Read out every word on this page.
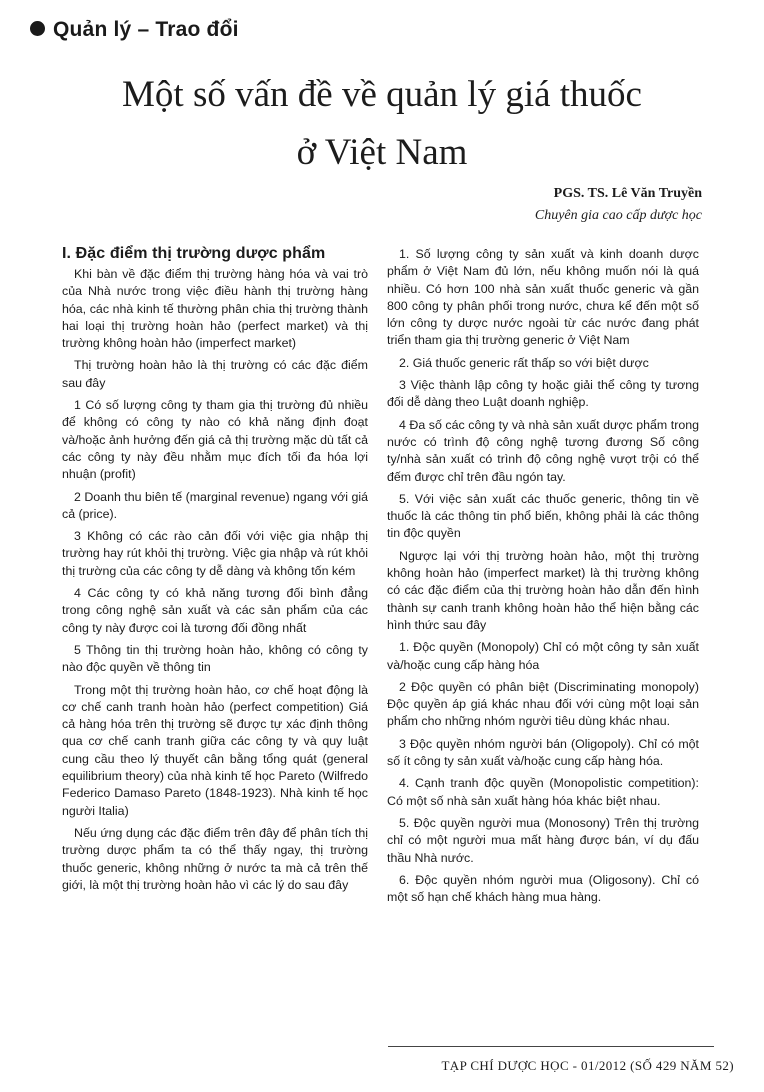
Quản lý – Trao đổi
Một số vấn đề về quản lý giá thuốc
ở Việt Nam
PGS. TS. Lê Văn Truyền
Chuyên gia cao cấp dược học
I. Đặc điểm thị trường dược phẩm

Khi bàn về đặc điểm thị trường hàng hóa và vai trò của Nhà nước trong việc điều hành thị trường hàng hóa, các nhà kinh tế thường phân chia thị trường thành hai loại thị trường hoàn hảo (perfect market) và thị trường không hoàn hảo (imperfect market)

Thị trường hoàn hảo là thị trường có các đặc điểm sau đây

1 Có số lượng công ty tham gia thị trường đủ nhiều để không có công ty nào có khả năng định đoạt và/hoặc ảnh hưởng đến giá cả thị trường mặc dù tất cả các công ty này đều nhằm mục đích tối đa hóa lợi nhuận (profit)

2 Doanh thu biên tế (marginal revenue) ngang với giá cả (price).

3 Không có các rào cản đối với việc gia nhập thị trường hay rút khỏi thị trường. Việc gia nhập và rút khỏi thị trường của các công ty dễ dàng và không tốn kém

4 Các công ty có khả năng tương đối bình đẳng trong công nghệ sản xuất và các sản phẩm của các công ty này được coi là tương đối đồng nhất

5 Thông tin thị trường hoàn hảo, không có công ty nào độc quyền về thông tin

Trong một thị trường hoàn hảo, cơ chế hoạt động là cơ chế canh tranh hoàn hảo (perfect competition) Giá cả hàng hóa trên thị trường sẽ được tự xác định thông qua cơ chế canh tranh giữa các công ty và quy luật cung cầu theo lý thuyết cân bằng tổng quát (general equilibrium theory) của nhà kinh tế học Pareto (Wilfredo Federico Damaso Pareto (1848-1923). Nhà kinh tế học người Italia)

Nếu ứng dụng các đặc điểm trên đây để phân tích thị trường dược phẩm ta có thể thấy ngay, thị trường thuốc generic, không những ở nước ta mà cả trên thế giới, là một thị trường hoàn hảo vì các lý do sau đây

1. Số lượng công ty sản xuất và kinh doanh dược phẩm ở Việt Nam đủ lớn, nếu không muốn nói là quá nhiều. Có hơn 100 nhà sản xuất thuốc generic và gần 800 công ty phân phối trong nước, chưa kể đến một số lớn công ty dược nước ngoài từ các nước đang phát triển tham gia thị trường generic ở Việt Nam

2. Giá thuốc generic rất thấp so với biệt dược

3 Việc thành lập công ty hoặc giải thể công ty tương đối dễ dàng theo Luật doanh nghiệp.

4 Đa số các công ty và nhà sản xuất dược phẩm trong nước có trình độ công nghệ tương đương Số công ty/nhà sản xuất có trình độ công nghệ vượt trội có thể đếm được chỉ trên đầu ngón tay.

5. Với việc sản xuất các thuốc generic, thông tin về thuốc là các thông tin phổ biến, không phải là các thông tin độc quyền

Ngược lại với thị trường hoàn hảo, một thị trường không hoàn hảo (imperfect market) là thị trường không có các đặc điểm của thị trường hoàn hảo dẫn đến hình thành sự canh tranh không hoàn hảo thể hiện bằng các hình thức sau đây

1. Độc quyền (Monopoly) Chỉ có một công ty sản xuất và/hoặc cung cấp hàng hóa

2 Độc quyền có phân biệt (Discriminating monopoly) Độc quyền áp giá khác nhau đối với cùng một loại sản phẩm cho những nhóm người tiêu dùng khác nhau.

3 Độc quyền nhóm người bán (Oligopoly). Chỉ có một số ít công ty sản xuất và/hoặc cung cấp hàng hóa.

4. Cạnh tranh độc quyền (Monopolistic competition): Có một số nhà sản xuất hàng hóa khác biệt nhau.

5. Độc quyền người mua (Monosony) Trên thị trường chỉ có một người mua mất hàng được bán, ví dụ đấu thầu Nhà nước.

6. Độc quyền nhóm người mua (Oligosony). Chỉ có một số hạn chế khách hàng mua hàng.

TẠP CHÍ DƯỢC HỌC - 01/2012 (SỐ 429 NĂM 52)
